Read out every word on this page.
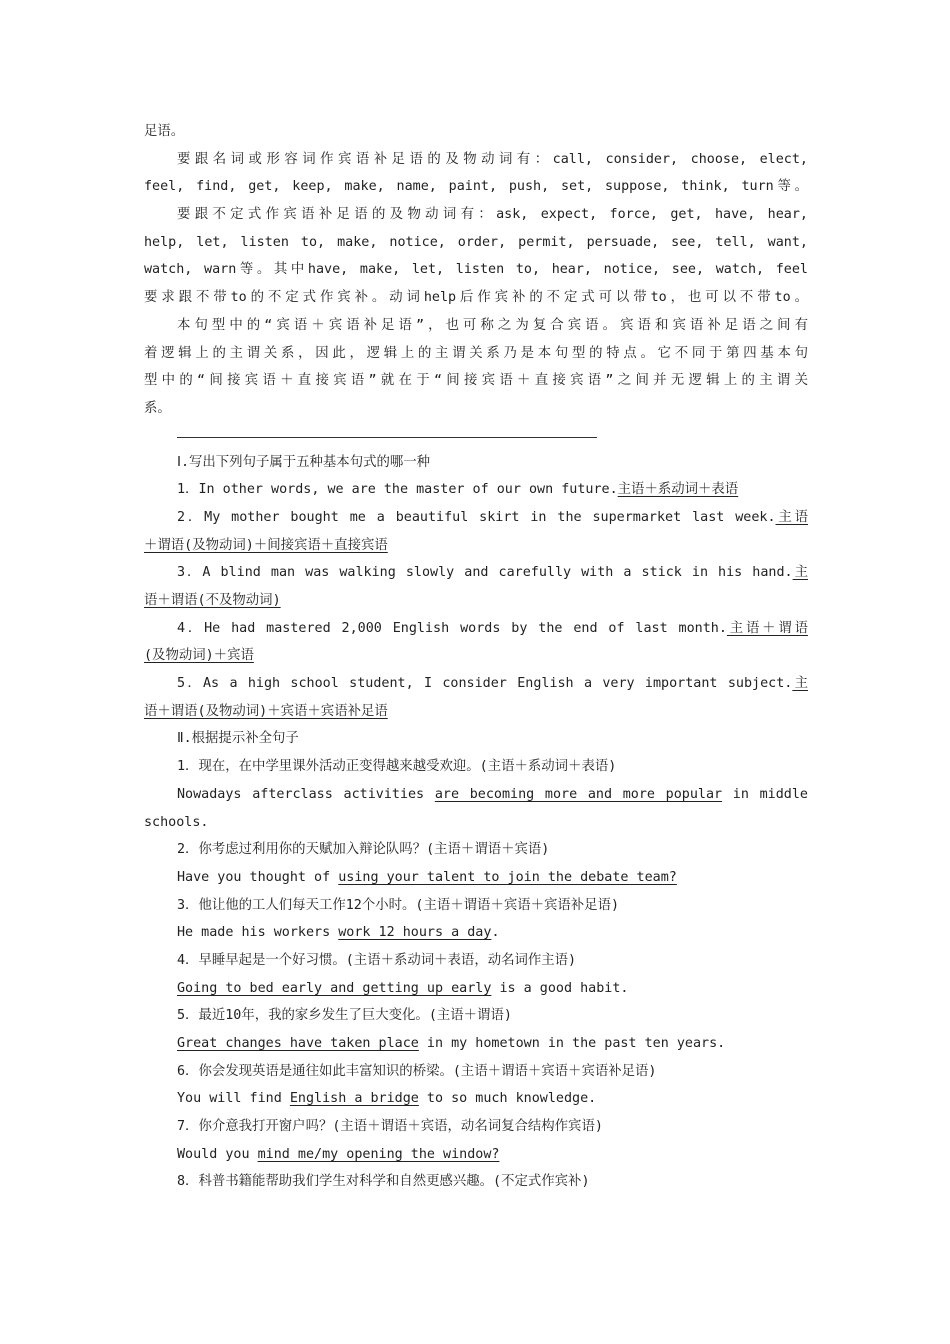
足语。
要跟名词或形容词作宾语补足语的及物动词有：call, consider, choose, elect,
feel, find, get, keep, make, name, paint, push, set, suppose, think, turn等。
要跟不定式作宾语补足语的及物动词有：ask, expect, force, get, have, hear,
help, let, listen to, make, notice, order, permit, persuade, see, tell, want,
watch, warn等。其中have, make, let, listen to, hear, notice, see, watch, feel
要求跟不带to的不定式作宾补。动词help后作宾补的不定式可以带to，也可以不带to。
本句型中的“宾语＋宾语补足语”，也可称之为复合宾语。宾语和宾语补足语之间有
着逻辑上的主谓关系，因此，逻辑上的主谓关系乃是本句型的特点。它不同于第四基本句
型中的“间接宾语＋直接宾语”就在于“间接宾语＋直接宾语”之间并无逻辑上的主谓关
系。
Ⅰ.写出下列句子属于五种基本句式的哪一种
1．In other words, we are the master of our own future.主语＋系动词＋表语
2．My mother bought me a beautiful skirt in the supermarket last week.主语
＋谓语(及物动词)＋间接宾语＋直接宾语
3．A blind man was walking slowly and carefully with a stick in his hand.主
语＋谓语(不及物动词)
4．He had mastered 2,000 English words by the end of last month.主语＋谓语
(及物动词)＋宾语
5．As a high school student, I consider English a very important subject.主
语＋谓语(及物动词)＋宾语＋宾语补足语
Ⅱ.根据提示补全句子
1．现在，在中学里课外活动正变得越来越受欢迎。(主语＋系动词＋表语)
Nowadays afterclass activities are becoming more and more popular in middle
schools.
2．你考虑过利用你的天赋加入辩论队吗？(主语＋谓语＋宾语)
Have you thought of using your talent to join the debate team?
3．他让他的工人们每天工作12个小时。(主语＋谓语＋宾语＋宾语补足语)
He made his workers work 12 hours a day.
4．早睡早起是一个好习惯。(主语＋系动词＋表语，动名词作主语)
Going to bed early and getting up early is a good habit.
5．最近10年，我的家乡发生了巨大变化。(主语＋谓语)
Great changes have taken place in my hometown in the past ten years.
6．你会发现英语是通往如此丰富知识的桥梁。(主语＋谓语＋宾语＋宾语补足语)
You will find English a bridge to so much knowledge.
7．你介意我打开窗户吗？(主语＋谓语＋宾语，动名词复合结构作宾语)
Would you mind me/my opening the window?
8．科普书籍能帮助我们学生对科学和自然更感兴趣。(不定式作宾补)
